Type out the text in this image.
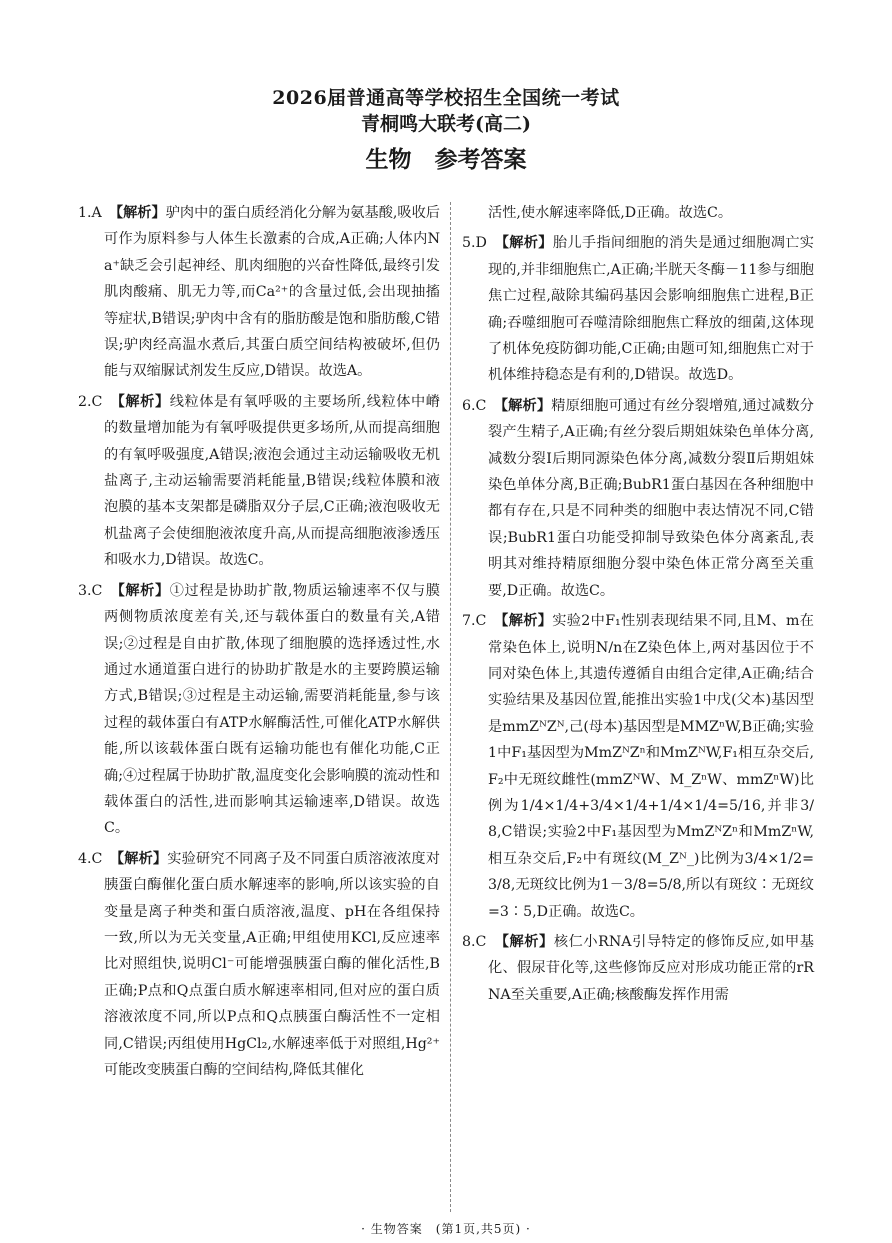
2026届普通高等学校招生全国统一考试
青桐鸣大联考(高二)
生物　参考答案

1.A　 【解析】驴肉中的蛋白质经消化分解为氨基酸,吸收后可作为原料参与人体生长激素的合成,A正确;人体内Na⁺缺乏会引起神经、肌肉细胞的兴奋性降低,最终引发肌肉酸痛、肌无力等,而Ca²⁺的含量过低,会出现抽搐等症状,B错误;驴肉中含有的脂肪酸是饱和脂肪酸,C错误;驴肉经高温水煮后,其蛋白质空间结构被破坏,但仍能与双缩脲试剂发生反应,D错误。故选A。

2.C　 【解析】线粒体是有氧呼吸的主要场所,线粒体中嵴的数量增加能为有氧呼吸提供更多场所,从而提高细胞的有氧呼吸强度,A错误;液泡会通过主动运输吸收无机盐离子,主动运输需要消耗能量,B错误;线粒体膜和液泡膜的基本支架都是磷脂双分子层,C正确;液泡吸收无机盐离子会使细胞液浓度升高,从而提高细胞液渗透压和吸水力,D错误。故选C。

3.C　 【解析】①过程是协助扩散,物质运输速率不仅与膜两侧物质浓度差有关,还与载体蛋白的数量有关,A错误;②过程是自由扩散,体现了细胞膜的选择透过性,水通过水通道蛋白进行的协助扩散是水的主要跨膜运输方式,B错误;③过程是主动运输,需要消耗能量,参与该过程的载体蛋白有ATP水解酶活性,可催化ATP水解供能,所以该载体蛋白既有运输功能也有催化功能,C正确;④过程属于协助扩散,温度变化会影响膜的流动性和载体蛋白的活性,进而影响其运输速率,D错误。故选C。

4.C　 【解析】实验研究不同离子及不同蛋白质溶液浓度对胰蛋白酶催化蛋白质水解速率的影响,所以该实验的自变量是离子种类和蛋白质溶液,温度、pH在各组保持一致,所以为无关变量,A正确;甲组使用KCl,反应速率比对照组快,说明Cl⁻可能增强胰蛋白酶的催化活性,B正确;P点和Q点蛋白质水解速率相同,但对应的蛋白质溶液浓度不同,所以P点和Q点胰蛋白酶活性不一定相同,C错误;丙组使用HgCl₂,水解速率低于对照组,Hg²⁺可能改变胰蛋白酶的空间结构,降低其催化

活性,使水解速率降低,D正确。故选C。

5.D　 【解析】胎儿手指间细胞的消失是通过细胞凋亡实现的,并非细胞焦亡,A正确;半胱天冬酶－11参与细胞焦亡过程,敲除其编码基因会影响细胞焦亡进程,B正确;吞噬细胞可吞噬清除细胞焦亡释放的细菌,这体现了机体免疫防御功能,C正确;由题可知,细胞焦亡对于机体维持稳态是有利的,D错误。故选D。

6.C　 【解析】精原细胞可通过有丝分裂增殖,通过减数分裂产生精子,A正确;有丝分裂后期姐妹染色单体分离,减数分裂Ⅰ后期同源染色体分离,减数分裂Ⅱ后期姐妹染色单体分离,B正确;BubR1蛋白基因在各种细胞中都有存在,只是不同种类的细胞中表达情况不同,C错误;BubR1蛋白功能受抑制导致染色体分离紊乱,表明其对维持精原细胞分裂中染色体正常分离至关重要,D正确。故选C。

7.C　 【解析】实验2中F₁性别表现结果不同,且M、m在常染色体上,说明N/n在Z染色体上,两对基因位于不同对染色体上,其遗传遵循自由组合定律,A正确;结合实验结果及基因位置,能推出实验1中戊(父本)基因型是mmZᴺZᴺ,己(母本)基因型是MMZⁿW,B正确;实验1中F₁基因型为MmZᴺZⁿ和MmZᴺW,F₁相互杂交后,F₂中无斑纹雌性(mmZᴺW、M_ZⁿW、mmZⁿW)比例为1/4×1/4+3/4×1/4+1/4×1/4=5/16,并非3/8,C错误;实验2中F₁基因型为MmZᴺZⁿ和MmZⁿW,相互杂交后,F₂中有斑纹(M_Zᴺ_)比例为3/4×1/2=3/8,无斑纹比例为1－3/8=5/8,所以有斑纹∶无斑纹=3∶5,D正确。故选C。

8.C　 【解析】核仁小RNA引导特定的修饰反应,如甲基化、假尿苷化等,这些修饰反应对形成功能正常的rRNA至关重要,A正确;核酸酶发挥作用需

· 生物答案　(第1页,共5页) ·
